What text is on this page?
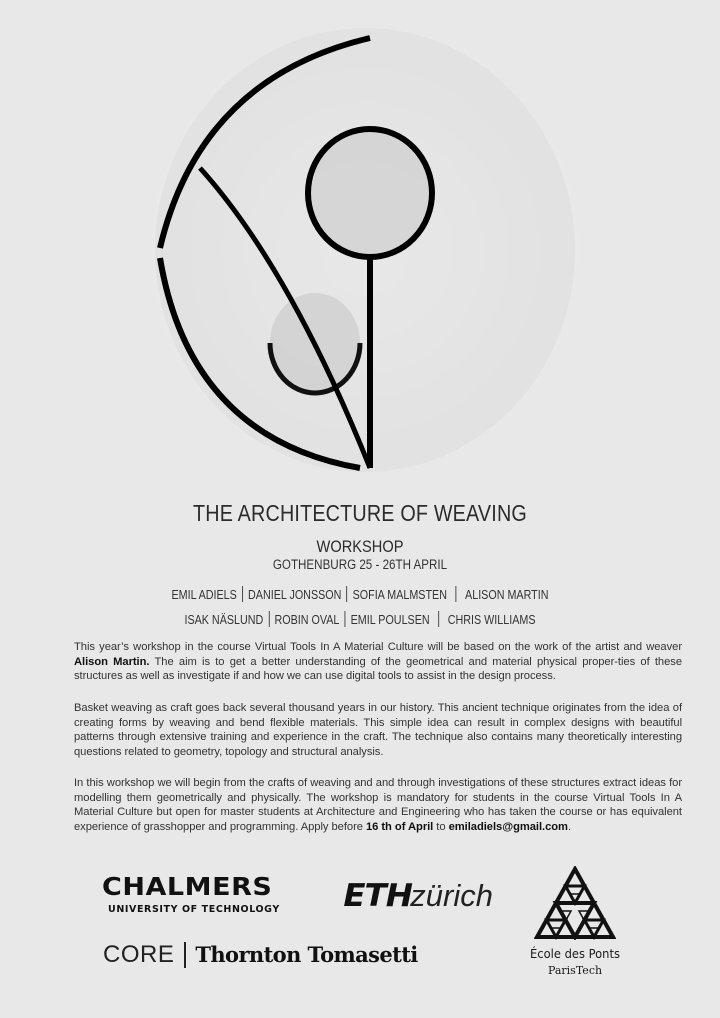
THE ARCHITECTURE OF WEAVING
WORKSHOP
GOTHENBURG 25 - 26TH APRIL
EMIL ADIELS DANIEL JONSSON SOFIA MALMSTEN ALISON MARTIN
ISAK NÄSLUND ROBIN OVAL EMIL POULSEN CHRIS WILLIAMS
This year’s workshop in the course Virtual Tools In A Material Culture will be based on the work of the artist and weaver Alison Martin. The aim is to get a better understanding of the geometrical and material physical proper-ties of these structures as well as investigate if and how we can use digital tools to assist in the design process.
Basket weaving as craft goes back several thousand years in our history. This ancient technique originates from the idea of creating forms by weaving and bend flexible materials. This simple idea can result in complex designs with beautiful patterns through extensive training and experience in the craft. The technique also contains many theoretically interesting questions related to geometry, topology and structural analysis.
In this workshop we will begin from the crafts of weaving and and through investigations of these structures extract ideas for modelling them geometrically and physically. The workshop is mandatory for students in the course Virtual Tools In A Material Culture but open for master students at Architecture and Engineering who has taken the course or has equivalent experience of grasshopper and programming. Apply before 16 th of April to emiladiels@gmail.com.
CHALMERS
UNIVERSITY OF TECHNOLOGY	ETHzürich
CORE Thornton Tomasetti	École des Ponts
ParisTech
